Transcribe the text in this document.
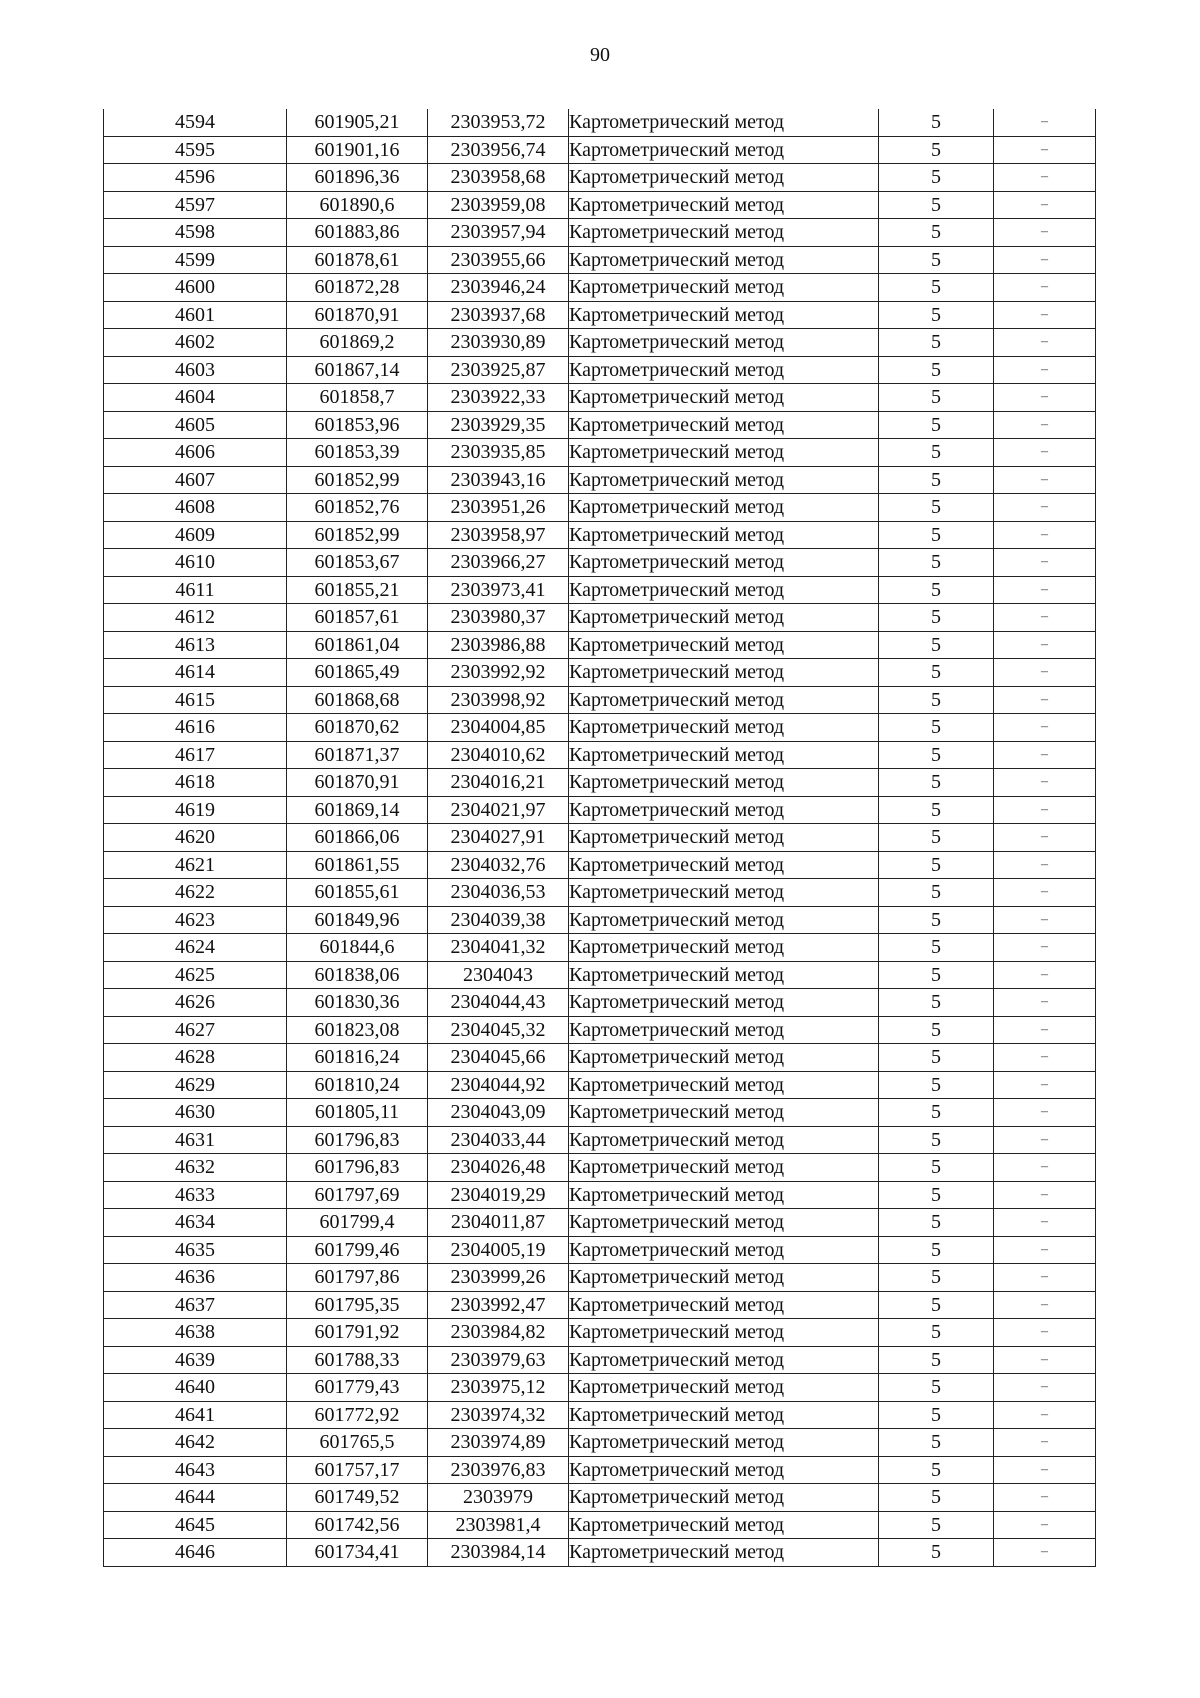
90
4594	601905,21	2303953,72	Картометрический метод	5	–
4595	601901,16	2303956,74	Картометрический метод	5	–
4596	601896,36	2303958,68	Картометрический метод	5	–
4597	601890,6	2303959,08	Картометрический метод	5	–
4598	601883,86	2303957,94	Картометрический метод	5	–
4599	601878,61	2303955,66	Картометрический метод	5	–
4600	601872,28	2303946,24	Картометрический метод	5	–
4601	601870,91	2303937,68	Картометрический метод	5	–
4602	601869,2	2303930,89	Картометрический метод	5	–
4603	601867,14	2303925,87	Картометрический метод	5	–
4604	601858,7	2303922,33	Картометрический метод	5	–
4605	601853,96	2303929,35	Картометрический метод	5	–
4606	601853,39	2303935,85	Картометрический метод	5	–
4607	601852,99	2303943,16	Картометрический метод	5	–
4608	601852,76	2303951,26	Картометрический метод	5	–
4609	601852,99	2303958,97	Картометрический метод	5	–
4610	601853,67	2303966,27	Картометрический метод	5	–
4611	601855,21	2303973,41	Картометрический метод	5	–
4612	601857,61	2303980,37	Картометрический метод	5	–
4613	601861,04	2303986,88	Картометрический метод	5	–
4614	601865,49	2303992,92	Картометрический метод	5	–
4615	601868,68	2303998,92	Картометрический метод	5	–
4616	601870,62	2304004,85	Картометрический метод	5	–
4617	601871,37	2304010,62	Картометрический метод	5	–
4618	601870,91	2304016,21	Картометрический метод	5	–
4619	601869,14	2304021,97	Картометрический метод	5	–
4620	601866,06	2304027,91	Картометрический метод	5	–
4621	601861,55	2304032,76	Картометрический метод	5	–
4622	601855,61	2304036,53	Картометрический метод	5	–
4623	601849,96	2304039,38	Картометрический метод	5	–
4624	601844,6	2304041,32	Картометрический метод	5	–
4625	601838,06	2304043	Картометрический метод	5	–
4626	601830,36	2304044,43	Картометрический метод	5	–
4627	601823,08	2304045,32	Картометрический метод	5	–
4628	601816,24	2304045,66	Картометрический метод	5	–
4629	601810,24	2304044,92	Картометрический метод	5	–
4630	601805,11	2304043,09	Картометрический метод	5	–
4631	601796,83	2304033,44	Картометрический метод	5	–
4632	601796,83	2304026,48	Картометрический метод	5	–
4633	601797,69	2304019,29	Картометрический метод	5	–
4634	601799,4	2304011,87	Картометрический метод	5	–
4635	601799,46	2304005,19	Картометрический метод	5	–
4636	601797,86	2303999,26	Картометрический метод	5	–
4637	601795,35	2303992,47	Картометрический метод	5	–
4638	601791,92	2303984,82	Картометрический метод	5	–
4639	601788,33	2303979,63	Картометрический метод	5	–
4640	601779,43	2303975,12	Картометрический метод	5	–
4641	601772,92	2303974,32	Картометрический метод	5	–
4642	601765,5	2303974,89	Картометрический метод	5	–
4643	601757,17	2303976,83	Картометрический метод	5	–
4644	601749,52	2303979	Картометрический метод	5	–
4645	601742,56	2303981,4	Картометрический метод	5	–
4646	601734,41	2303984,14	Картометрический метод	5	–
